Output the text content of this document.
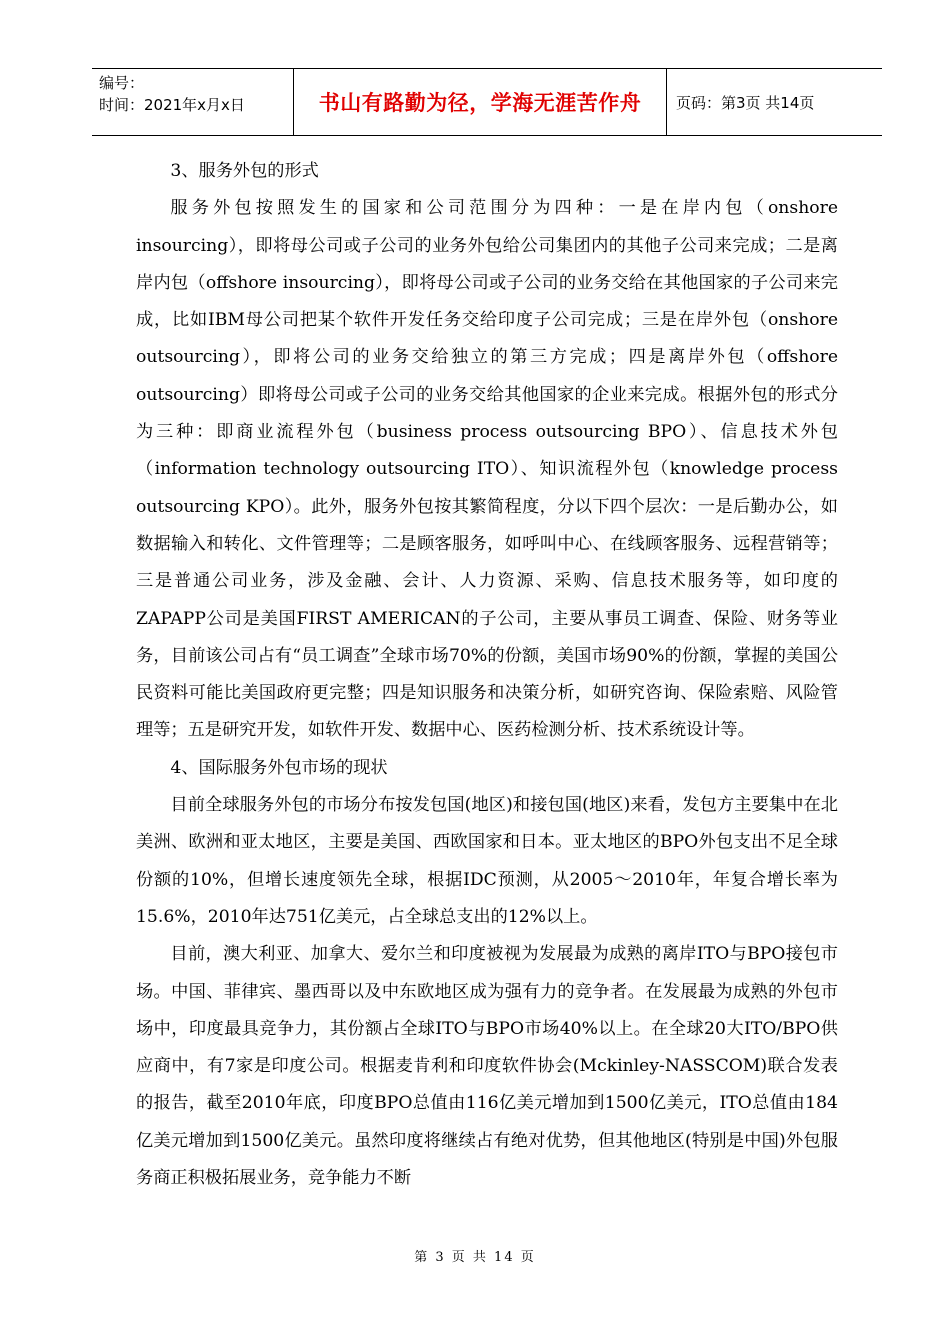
编号：
时间：2021年x月x日	书山有路勤为径，学海无涯苦作舟	页码：第3页 共14页

3、服务外包的形式

服务外包按照发生的国家和公司范围分为四种：一是在岸内包（onshore insourcing），即将母公司或子公司的业务外包给公司集团内的其他子公司来完成；二是离岸内包（offshore insourcing），即将母公司或子公司的业务交给在其他国家的子公司来完成，比如IBM母公司把某个软件开发任务交给印度子公司完成；三是在岸外包（onshore outsourcing），即将公司的业务交给独立的第三方完成；四是离岸外包（offshore outsourcing）即将母公司或子公司的业务交给其他国家的企业来完成。根据外包的形式分为三种：即商业流程外包（business process outsourcing BPO）、信息技术外包（information technology outsourcing ITO）、知识流程外包（knowledge process outsourcing KPO）。此外，服务外包按其繁简程度，分以下四个层次：一是后勤办公，如数据输入和转化、文件管理等；二是顾客服务，如呼叫中心、在线顾客服务、远程营销等；三是普通公司业务，涉及金融、会计、人力资源、采购、信息技术服务等，如印度的ZAPAPP公司是美国FIRST AMERICAN的子公司，主要从事员工调查、保险、财务等业务，目前该公司占有“员工调查”全球市场70%的份额，美国市场90%的份额，掌握的美国公民资料可能比美国政府更完整；四是知识服务和决策分析，如研究咨询、保险索赔、风险管理等；五是研究开发，如软件开发、数据中心、医药检测分析、技术系统设计等。

4、国际服务外包市场的现状

目前全球服务外包的市场分布按发包国(地区)和接包国(地区)来看，发包方主要集中在北美洲、欧洲和亚太地区，主要是美国、西欧国家和日本。亚太地区的BPO外包支出不足全球份额的10%，但增长速度领先全球，根据IDC预测，从2005～2010年，年复合增长率为15.6%，2010年达751亿美元，占全球总支出的12%以上。

目前，澳大利亚、加拿大、爱尔兰和印度被视为发展最为成熟的离岸ITO与BPO接包市场。中国、菲律宾、墨西哥以及中东欧地区成为强有力的竞争者。在发展最为成熟的外包市场中，印度最具竞争力，其份额占全球ITO与BPO市场40%以上。在全球20大ITO/BPO供应商中，有7家是印度公司。根据麦肯利和印度软件协会(Mckinley-NASSCOM)联合发表的报告，截至2010年底，印度BPO总值由116亿美元增加到1500亿美元，ITO总值由184亿美元增加到1500亿美元。虽然印度将继续占有绝对优势，但其他地区(特别是中国)外包服务商正积极拓展业务，竞争能力不断

第 3 页 共 14 页
